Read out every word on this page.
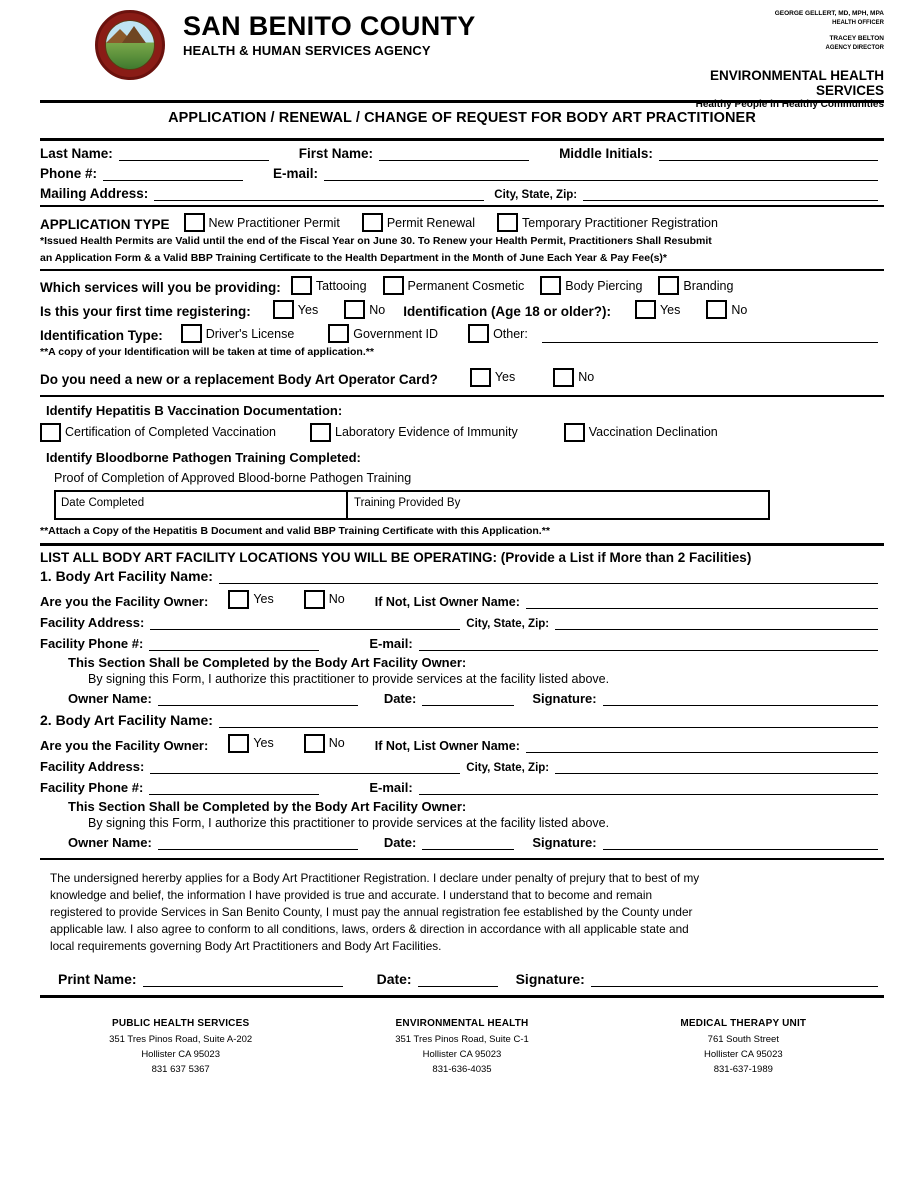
SAN BENITO COUNTY
HEALTH & HUMAN SERVICES AGENCY
GEORGE GELLERT, MD, MPH, MPA
HEALTH OFFICER
TRACEY BELTON
AGENCY DIRECTOR
ENVIRONMENTAL HEALTH SERVICES
Healthy People in Healthy Communities
APPLICATION / RENEWAL / CHANGE OF REQUEST FOR BODY ART PRACTITIONER
Last Name:	First Name:	Middle Initials:
Phone #:	E-mail:
Mailing Address:	City, State, Zip:
APPLICATION TYPE	New Practitioner Permit	Permit Renewal	Temporary Practitioner Registration
*Issued Health Permits are Valid until the end of the Fiscal Year on June 30. To Renew your Health Permit, Practitioners Shall Resubmit
an Application Form & a Valid BBP Training Certificate to the Health Department in the Month of June Each Year & Pay Fee(s)*
Which services will you be providing:	Tattooing	Permanent Cosmetic	Body Piercing	Branding
Is this your first time registering:	Yes	No Identification (Age 18 or older?):	Yes	No
Identification Type:	Driver's License	Government ID	Other:
**A copy of your Identification will be taken at time of application.**
Do you need a new or a replacement Body Art Operator Card?	Yes	No
Identify Hepatitis B Vaccination Documentation:
Certification of Completed Vaccination	Laboratory Evidence of Immunity	Vaccination Declination
Identify Bloodborne Pathogen Training Completed:
Proof of Completion of Approved Blood-borne Pathogen Training
Date Completed	Training Provided By
**Attach a Copy of the Hepatitis B Document and valid BBP Training Certificate with this Application.**
LIST ALL BODY ART FACILITY LOCATIONS YOU WILL BE OPERATING: (Provide a List if More than 2 Facilities)
1. Body Art Facility Name:
Are you the Facility Owner:	Yes	No If Not, List Owner Name:
Facility Address:	City, State, Zip:
Facility Phone #:	E-mail:
This Section Shall be Completed by the Body Art Facility Owner:
By signing this Form, I authorize this practitioner to provide services at the facility listed above.
Owner Name:	Date:	Signature:
2. Body Art Facility Name:
Are you the Facility Owner:	Yes	No If Not, List Owner Name:
Facility Address:	City, State, Zip:
Facility Phone #:	E-mail:
This Section Shall be Completed by the Body Art Facility Owner:
By signing this Form, I authorize this practitioner to provide services at the facility listed above.
Owner Name:	Date:	Signature:
The undersigned hererby applies for a Body Art Practitioner Registration. I declare under penalty of prejury that to best of my
knowledge and belief, the information I have provided is true and accurate. I understand that to become and remain
registered to provide Services in San Benito County, I must pay the annual registration fee established by the County under
applicable law. I also agree to conform to all conditions, laws, orders & direction in accordance with all applicable state and
local requirements governing Body Art Practitioners and Body Art Facilities.
Print Name:	Date:	Signature:
PUBLIC HEALTH SERVICES
351 Tres Pinos Road, Suite A-202
Hollister CA 95023
831 637 5367
ENVIRONMENTAL HEALTH
351 Tres Pinos Road, Suite C-1
Hollister CA 95023
831-636-4035
MEDICAL THERAPY UNIT
761 South Street
Hollister CA 95023
831-637-1989
